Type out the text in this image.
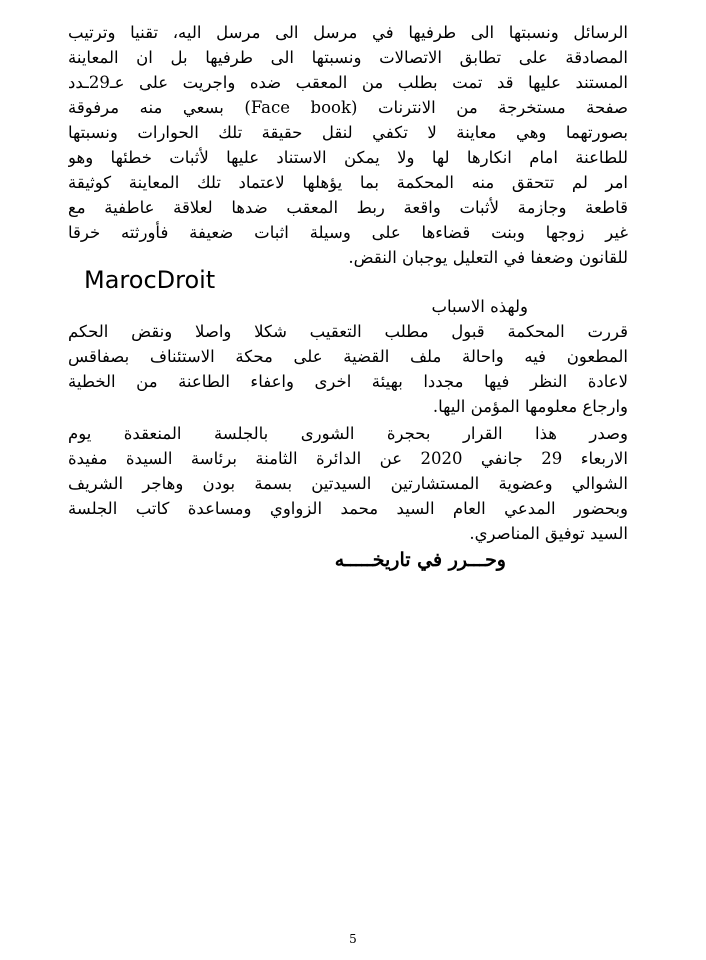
الرسائل ونسبتها الى طرفيها في مرسل الى مرسل اليه، تقنيا وترتيب
المصادقة على تطابق الاتصالات ونسبتها الى طرفيها بل ان المعاينة
المستند عليها قد تمت بطلب من المعقب ضده واجريت على عـ29ـدد
صفحة مستخرجة من الانترنات (Face book) بسعي منه مرفوقة
بصورتهما وهي معاينة لا تكفي لنقل حقيقة تلك الحوارات ونسبتها
للطاعنة امام انكارها لها ولا يمكن الاستناد عليها لأثبات خطئها وهو
امر لم تتحقق منه المحكمة بما يؤهلها لاعتماد تلك المعاينة كوثيقة
قاطعة وجازمة لأثبات واقعة ربط المعقب ضدها لعلاقة عاطفية مع
غير زوجها وبنت قضاءها على وسيلة اثبات ضعيفة فأورثته خرقا
للقانون وضعفا في التعليل يوجبان النقض.
MarocDroit
ولهذه الاسباب
قررت المحكمة قبول مطلب التعقيب شكلا واصلا ونقض الحكم
المطعون فيه واحالة ملف القضية على محكة الاستئناف بصفاقس
لاعادة النظر فيها مجددا بهيئة اخرى واعفاء الطاعنة من الخطية
وارجاع معلومها المؤمن اليها.
وصدر هذا القرار بحجرة الشورى بالجلسة المنعقدة يوم
الاربعاء 29 جانفي 2020 عن الدائرة الثامنة برئاسة السيدة مفيدة
الشوالي وعضوية المستشارتين السيدتين بسمة بودن وهاجر الشريف
وبحضور المدعي العام السيد محمد الزواوي ومساعدة كاتب الجلسة
السيد توفيق المناصري.
وحـــرر في تاريخـــــه
5
